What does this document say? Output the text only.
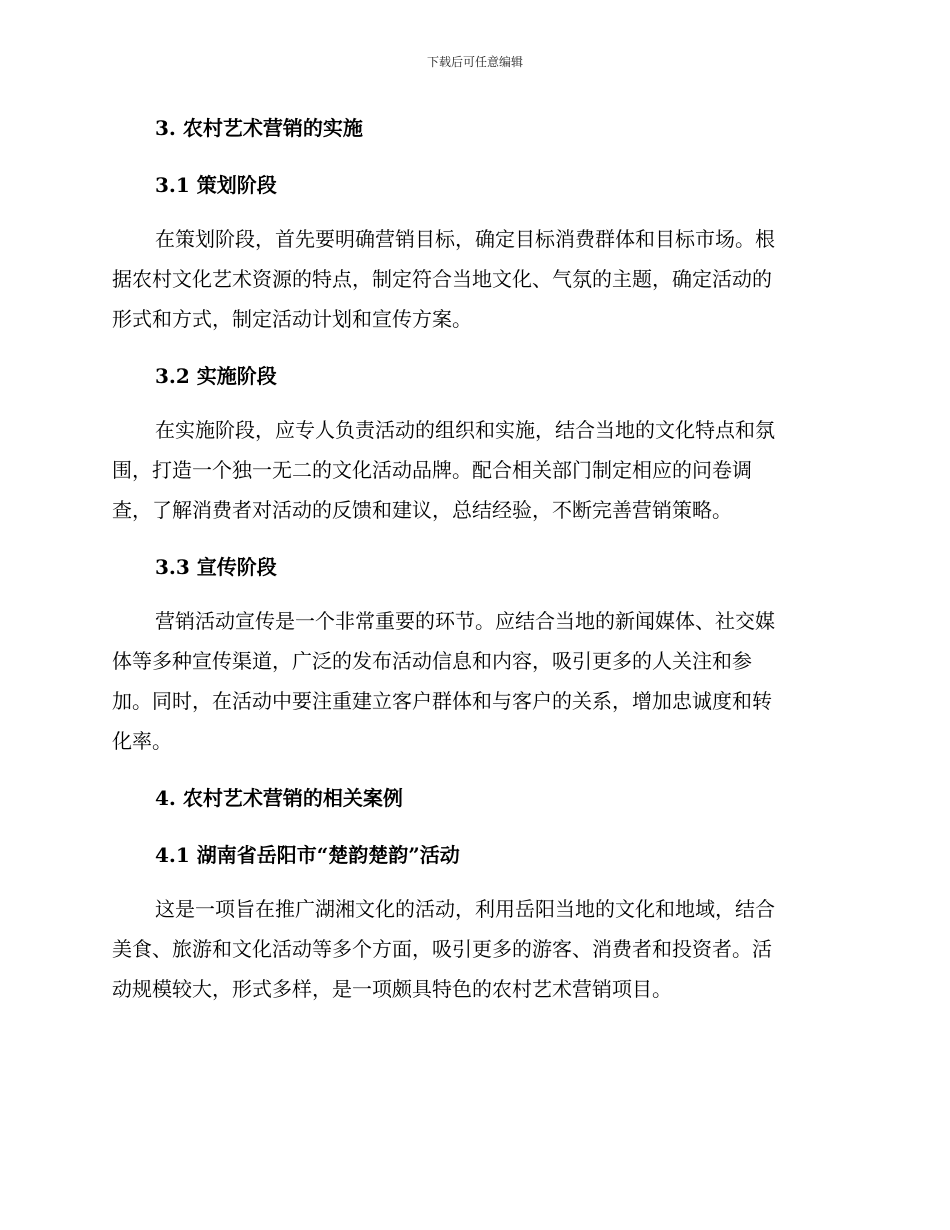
下载后可任意编辑
3. 农村艺术营销的实施
3.1 策划阶段
在策划阶段，首先要明确营销目标，确定目标消费群体和目标市场。根
据农村文化艺术资源的特点，制定符合当地文化、气氛的主题，确定活动的
形式和方式，制定活动计划和宣传方案。
3.2 实施阶段
在实施阶段，应专人负责活动的组织和实施，结合当地的文化特点和氛
围，打造一个独一无二的文化活动品牌。配合相关部门制定相应的问卷调
查，了解消费者对活动的反馈和建议，总结经验，不断完善营销策略。
3.3 宣传阶段
营销活动宣传是一个非常重要的环节。应结合当地的新闻媒体、社交媒
体等多种宣传渠道，广泛的发布活动信息和内容，吸引更多的人关注和参
加。同时，在活动中要注重建立客户群体和与客户的关系，增加忠诚度和转
化率。
4. 农村艺术营销的相关案例
4.1 湖南省岳阳市“楚韵楚韵”活动
这是一项旨在推广湖湘文化的活动，利用岳阳当地的文化和地域，结合
美食、旅游和文化活动等多个方面，吸引更多的游客、消费者和投资者。活
动规模较大，形式多样，是一项颇具特色的农村艺术营销项目。
